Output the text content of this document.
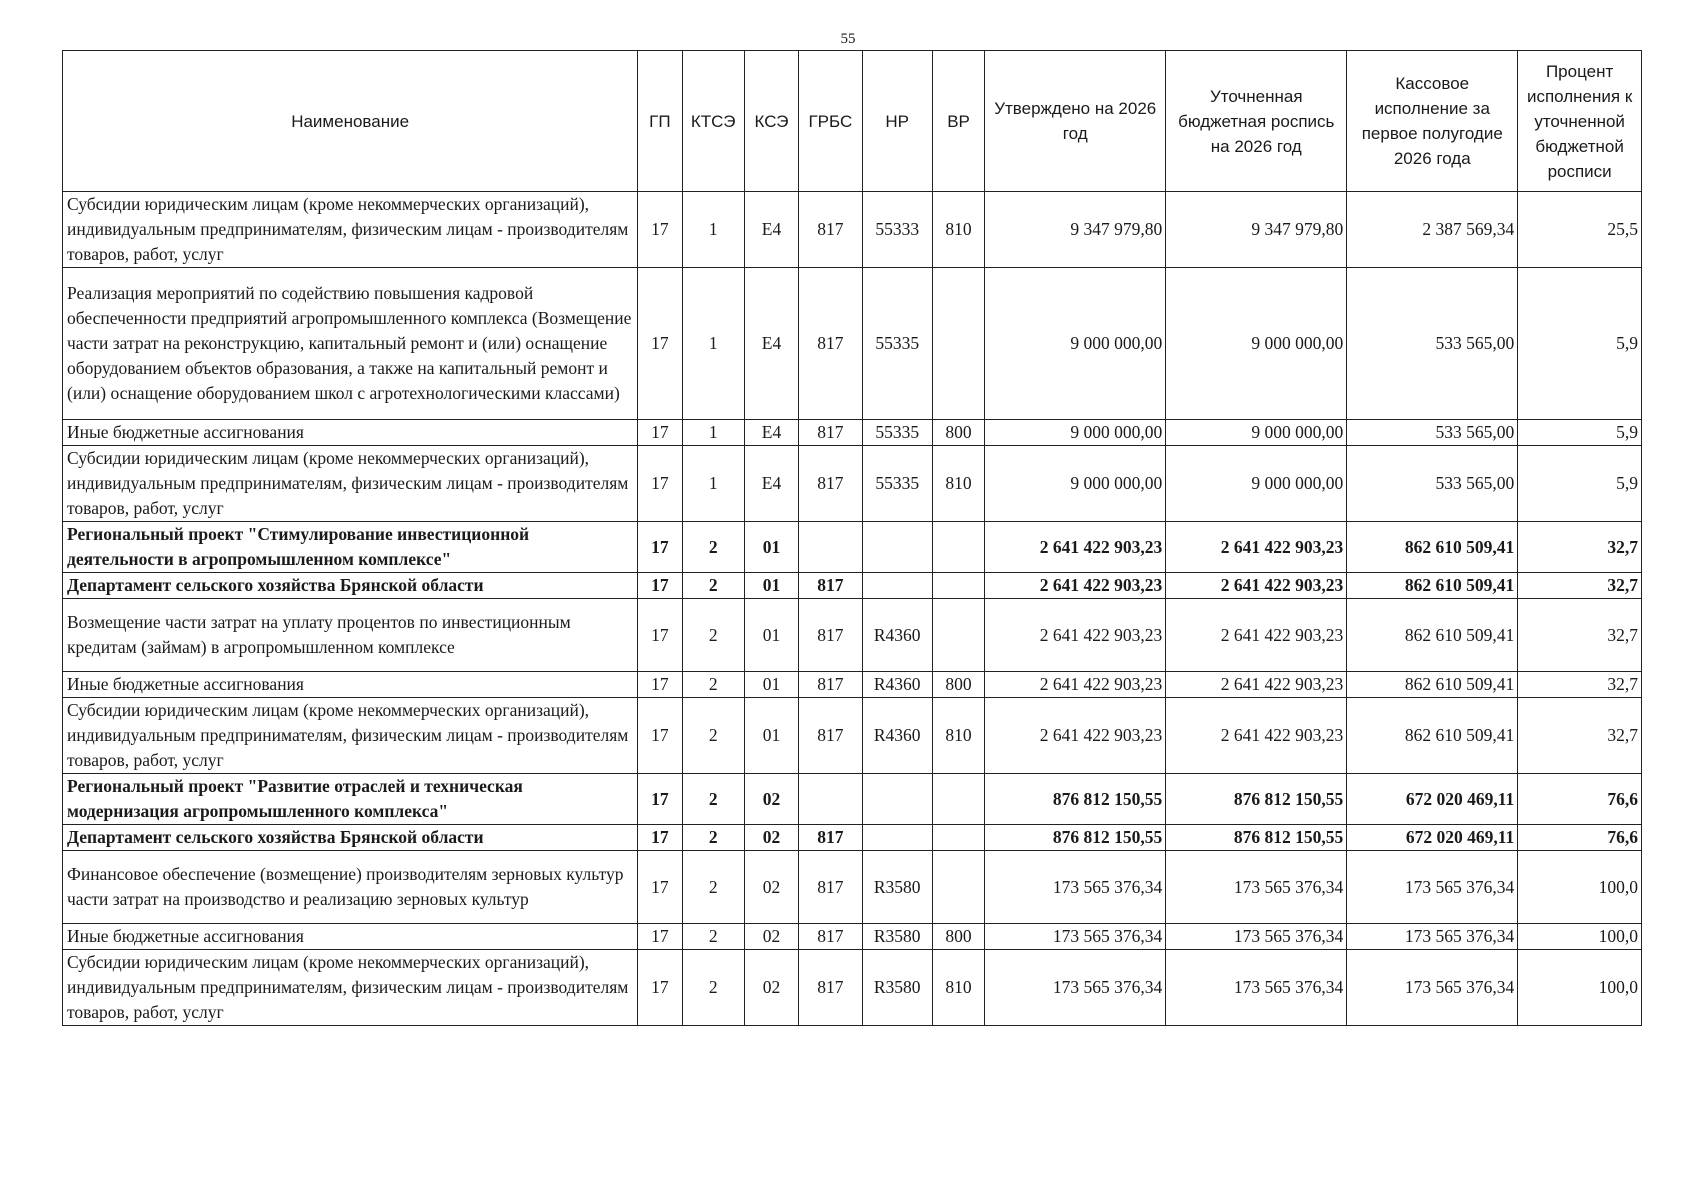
55
Наименование	ГП	КТСЭ	КСЭ	ГРБС	НР	ВР	Утверждено на 2026 год	Уточненная бюджетная роспись на 2026 год	Кассовое исполнение за первое полугодие 2026 года	Процент исполнения к уточненной бюджетной росписи
Субсидии юридическим лицам (кроме некоммерческих организаций), индивидуальным предпринимателям, физическим лицам - производителям товаров, работ, услуг	17	1	Е4	817	55333	810	9 347 979,80	9 347 979,80	2 387 569,34	25,5
Реализация мероприятий по содействию повышения кадровой обеспеченности предприятий агропромышленного комплекса (Возмещение части затрат на реконструкцию, капитальный ремонт и (или) оснащение оборудованием объектов образования, а также на капитальный ремонт и (или) оснащение оборудованием школ с агротехнологическими классами)	17	1	Е4	817	55335		9 000 000,00	9 000 000,00	533 565,00	5,9
Иные бюджетные ассигнования	17	1	Е4	817	55335	800	9 000 000,00	9 000 000,00	533 565,00	5,9
Субсидии юридическим лицам (кроме некоммерческих организаций), индивидуальным предпринимателям, физическим лицам - производителям товаров, работ, услуг	17	1	Е4	817	55335	810	9 000 000,00	9 000 000,00	533 565,00	5,9
Региональный проект "Стимулирование инвестиционной деятельности в агропромышленном комплексе"	17	2	01				2 641 422 903,23	2 641 422 903,23	862 610 509,41	32,7
Департамент сельского хозяйства Брянской области	17	2	01	817			2 641 422 903,23	2 641 422 903,23	862 610 509,41	32,7
Возмещение части затрат на уплату процентов по инвестиционным кредитам (займам) в агропромышленном комплексе	17	2	01	817	R4360		2 641 422 903,23	2 641 422 903,23	862 610 509,41	32,7
Иные бюджетные ассигнования	17	2	01	817	R4360	800	2 641 422 903,23	2 641 422 903,23	862 610 509,41	32,7
Субсидии юридическим лицам (кроме некоммерческих организаций), индивидуальным предпринимателям, физическим лицам - производителям товаров, работ, услуг	17	2	01	817	R4360	810	2 641 422 903,23	2 641 422 903,23	862 610 509,41	32,7
Региональный проект "Развитие отраслей и техническая модернизация агропромышленного комплекса"	17	2	02				876 812 150,55	876 812 150,55	672 020 469,11	76,6
Департамент сельского хозяйства Брянской области	17	2	02	817			876 812 150,55	876 812 150,55	672 020 469,11	76,6
Финансовое обеспечение (возмещение) производителям зерновых культур части затрат на производство и реализацию зерновых культур	17	2	02	817	R3580		173 565 376,34	173 565 376,34	173 565 376,34	100,0
Иные бюджетные ассигнования	17	2	02	817	R3580	800	173 565 376,34	173 565 376,34	173 565 376,34	100,0
Субсидии юридическим лицам (кроме некоммерческих организаций), индивидуальным предпринимателям, физическим лицам - производителям товаров, работ, услуг	17	2	02	817	R3580	810	173 565 376,34	173 565 376,34	173 565 376,34	100,0
